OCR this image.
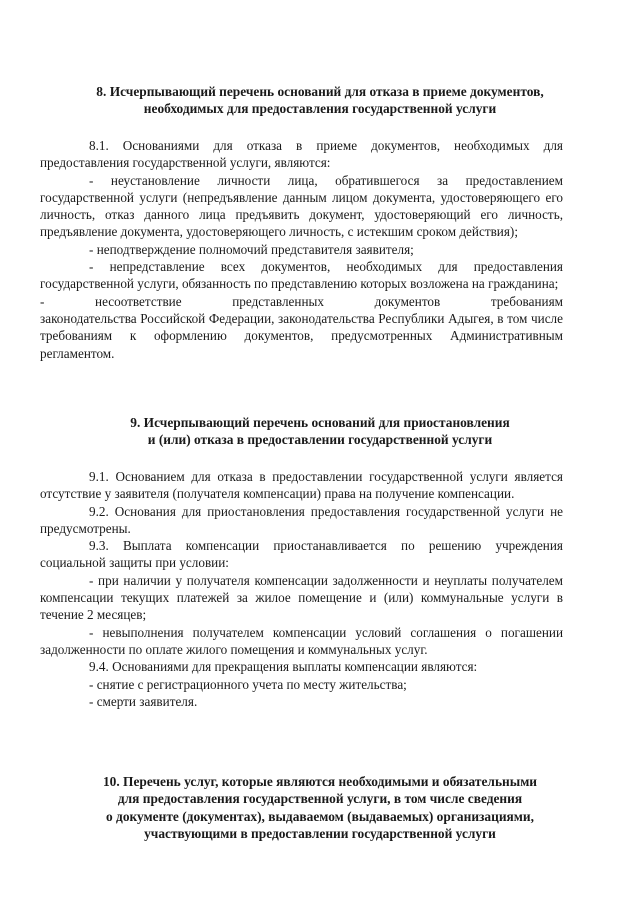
8. Исчерпывающий перечень оснований для отказа в приеме документов,
необходимых для предоставления государственной услуги

8.1. Основаниями для отказа в приеме документов, необходимых для предоставления государственной услуги, являются:

- неустановление личности лица, обратившегося за предоставлением государственной услуги (непредъявление данным лицом документа, удостоверяющего его личность, отказ данного лица предъявить документ, удостоверяющий его личность, предъявление документа, удостоверяющего личность, с истекшим сроком действия);

- неподтверждение полномочий представителя заявителя;

- непредставление всех документов, необходимых для предоставления государственной услуги, обязанность по представлению которых возложена на гражданина;

- несоответствие представленных документов требованиям

законодательства Российской Федерации, законодательства Республики Адыгея, в том числе требованиям к оформлению документов, предусмотренных Административным регламентом.

9. Исчерпывающий перечень оснований для приостановления
и (или) отказа в предоставлении государственной услуги

9.1. Основанием для отказа в предоставлении государственной услуги является отсутствие у заявителя (получателя компенсации) права на получение компенсации.

9.2. Основания для приостановления предоставления государственной услуги не предусмотрены.

9.3. Выплата компенсации приостанавливается по решению учреждения социальной защиты при условии:

- при наличии у получателя компенсации задолженности и неуплаты получателем компенсации текущих платежей за жилое помещение и (или) коммунальные услуги в течение 2 месяцев;

- невыполнения получателем компенсации условий соглашения о погашении задолженности по оплате жилого помещения и коммунальных услуг.

9.4. Основаниями для прекращения выплаты компенсации являются:

- снятие с регистрационного учета по месту жительства;

- смерти заявителя.

10. Перечень услуг, которые являются необходимыми и обязательными
для предоставления государственной услуги, в том числе сведения
о документе (документах), выдаваемом (выдаваемых) организациями,
участвующими в предоставлении государственной услуги
